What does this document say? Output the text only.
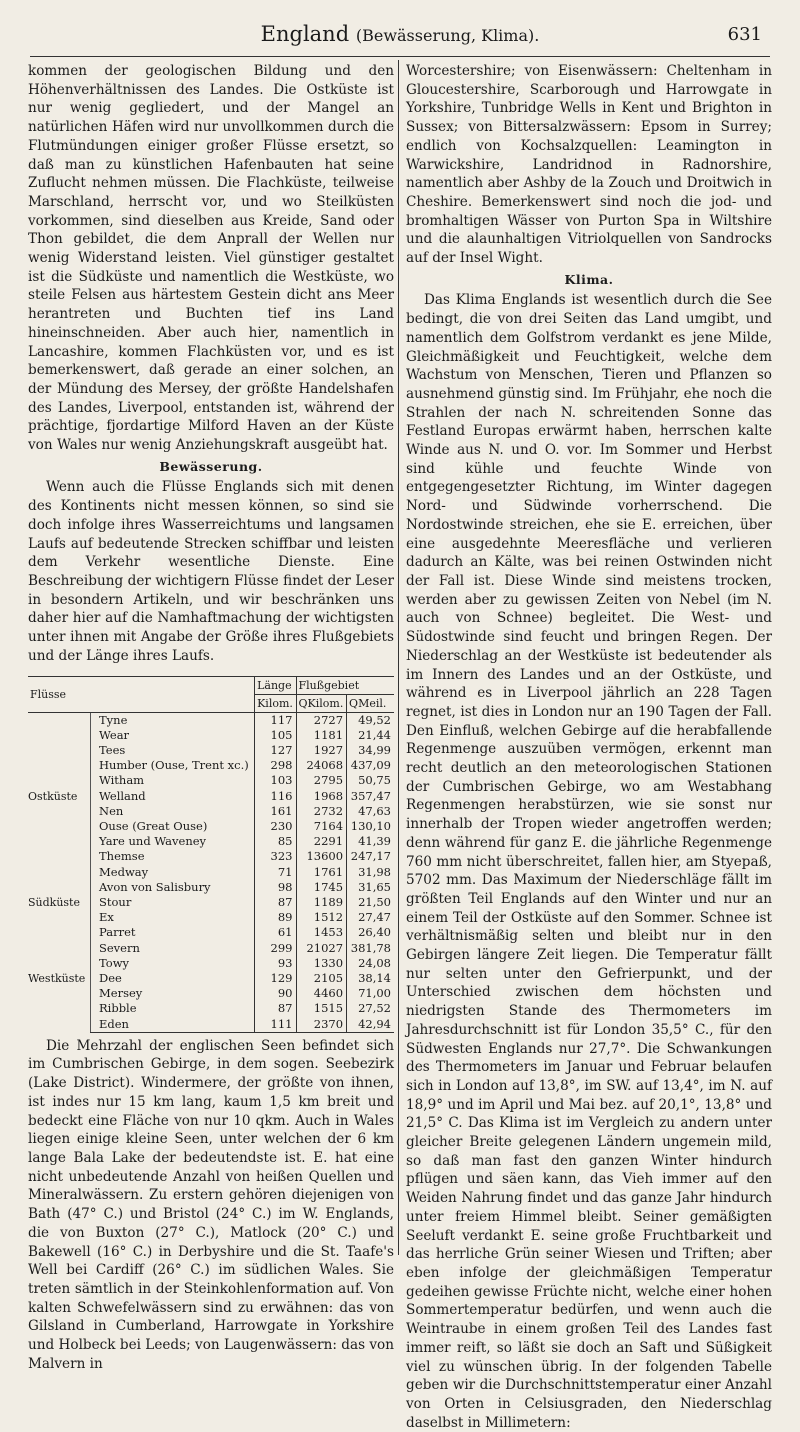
England (Bewässerung, Klima).	631

kommen der geologischen Bildung und den Höhenverhältnissen des Landes. Die Ostküste ist nur wenig gegliedert, und der Mangel an natürlichen Häfen wird nur unvollkommen durch die Flutmündungen einiger großer Flüsse ersetzt, so daß man zu künstlichen Hafenbauten hat seine Zuflucht nehmen müssen. Die Flachküste, teilweise Marschland, herrscht vor, und wo Steilküsten vorkommen, sind dieselben aus Kreide, Sand oder Thon gebildet, die dem Anprall der Wellen nur wenig Widerstand leisten. Viel günstiger gestaltet ist die Südküste und namentlich die Westküste, wo steile Felsen aus härtestem Gestein dicht ans Meer herantreten und Buchten tief ins Land hineinschneiden. Aber auch hier, namentlich in Lancashire, kommen Flachküsten vor, und es ist bemerkenswert, daß gerade an einer solchen, an der Mündung des Mersey, der größte Handelshafen des Landes, Liverpool, entstanden ist, während der prächtige, fjordartige Milford Haven an der Küste von Wales nur wenig Anziehungskraft ausgeübt hat.

Bewässerung.

Wenn auch die Flüsse Englands sich mit denen des Kontinents nicht messen können, so sind sie doch infolge ihres Wasserreichtums und langsamen Laufs auf bedeutende Strecken schiffbar und leisten dem Verkehr wesentliche Dienste. Eine Beschreibung der wichtigern Flüsse findet der Leser in besondern Artikeln, und wir beschränken uns daher hier auf die Namhaftmachung der wichtigsten unter ihnen mit Angabe der Größe ihres Flußgebiets und der Länge ihres Laufs.

Flüsse		Länge	Flußgebiet	
		Kilom.	QKilom.	QMeil.
Ostküste	Tyne	117	2727	49,52
	Wear	105	1181	21,44
	Tees	127	1927	34,99
	Humber (Ouse, Trent xc.)	298	24068	437,09
	Witham	103	2795	50,75
	Welland	116	1968	357,47
	Nen	161	2732	47,63
	Ouse (Great Ouse)	230	7164	130,10
	Yare und Waveney	85	2291	41,39
	Themse	323	13600	247,17
	Medway	71	1761	31,98
Südküste	Avon von Salisbury	98	1745	31,65
	Stour	87	1189	21,50
	Ex	89	1512	27,47
Westküste	Parret	61	1453	26,40
	Severn	299	21027	381,78
	Towy	93	1330	24,08
	Dee	129	2105	38,14
	Mersey	90	4460	71,00
	Ribble	87	1515	27,52
	Eden	111	2370	42,94

Die Mehrzahl der englischen Seen befindet sich im Cumbrischen Gebirge, in dem sogen. Seebezirk (Lake District). Windermere, der größte von ihnen, ist indes nur 15 km lang, kaum 1,5 km breit und bedeckt eine Fläche von nur 10 qkm. Auch in Wales liegen einige kleine Seen, unter welchen der 6 km lange Bala Lake der bedeutendste ist. E. hat eine nicht unbedeutende Anzahl von heißen Quellen und Mineralwässern. Zu erstern gehören diejenigen von Bath (47° C.) und Bristol (24° C.) im W. Englands, die von Buxton (27° C.), Matlock (20° C.) und Bakewell (16° C.) in Derbyshire und die St. Taafe's Well bei Cardiff (26° C.) im südlichen Wales. Sie treten sämtlich in der Steinkohlenformation auf. Von kalten Schwefelwässern sind zu erwähnen: das von Gilsland in Cumberland, Harrowgate in Yorkshire und Holbeck bei Leeds; von Laugenwässern: das von Malvern in

Worcestershire; von Eisenwässern: Cheltenham in Gloucestershire, Scarborough und Harrowgate in Yorkshire, Tunbridge Wells in Kent und Brighton in Sussex; von Bittersalzwässern: Epsom in Surrey; endlich von Kochsalzquellen: Leamington in Warwickshire, Landridnod in Radnorshire, namentlich aber Ashby de la Zouch und Droitwich in Cheshire. Bemerkenswert sind noch die jod- und bromhaltigen Wässer von Purton Spa in Wiltshire und die alaunhaltigen Vitriolquellen von Sandrocks auf der Insel Wight.

Klima.

Das Klima Englands ist wesentlich durch die See bedingt, die von drei Seiten das Land umgibt, und namentlich dem Golfstrom verdankt es jene Milde, Gleichmäßigkeit und Feuchtigkeit, welche dem Wachstum von Menschen, Tieren und Pflanzen so ausnehmend günstig sind. Im Frühjahr, ehe noch die Strahlen der nach N. schreitenden Sonne das Festland Europas erwärmt haben, herrschen kalte Winde aus N. und O. vor. Im Sommer und Herbst sind kühle und feuchte Winde von entgegengesetzter Richtung, im Winter dagegen Nord- und Südwinde vorherrschend. Die Nordostwinde streichen, ehe sie E. erreichen, über eine ausgedehnte Meeresfläche und verlieren dadurch an Kälte, was bei reinen Ostwinden nicht der Fall ist. Diese Winde sind meistens trocken, werden aber zu gewissen Zeiten von Nebel (im N. auch von Schnee) begleitet. Die West- und Südostwinde sind feucht und bringen Regen. Der Niederschlag an der Westküste ist bedeutender als im Innern des Landes und an der Ostküste, und während es in Liverpool jährlich an 228 Tagen regnet, ist dies in London nur an 190 Tagen der Fall. Den Einfluß, welchen Gebirge auf die herabfallende Regenmenge auszuüben vermögen, erkennt man recht deutlich an den meteorologischen Stationen der Cumbrischen Gebirge, wo am Westabhang Regenmengen herabstürzen, wie sie sonst nur innerhalb der Tropen wieder angetroffen werden; denn während für ganz E. die jährliche Regenmenge 760 mm nicht überschreitet, fallen hier, am Styepaß, 5702 mm. Das Maximum der Niederschläge fällt im größten Teil Englands auf den Winter und nur an einem Teil der Ostküste auf den Sommer. Schnee ist verhältnismäßig selten und bleibt nur in den Gebirgen längere Zeit liegen. Die Temperatur fällt nur selten unter den Gefrierpunkt, und der Unterschied zwischen dem höchsten und niedrigsten Stande des Thermometers im Jahresdurchschnitt ist für London 35,5° C., für den Südwesten Englands nur 27,7°. Die Schwankungen des Thermometers im Januar und Februar belaufen sich in London auf 13,8°, im SW. auf 13,4°, im N. auf 18,9° und im April und Mai bez. auf 20,1°, 13,8° und 21,5° C. Das Klima ist im Vergleich zu andern unter gleicher Breite gelegenen Ländern ungemein mild, so daß man fast den ganzen Winter hindurch pflügen und säen kann, das Vieh immer auf den Weiden Nahrung findet und das ganze Jahr hindurch unter freiem Himmel bleibt. Seiner gemäßigten Seeluft verdankt E. seine große Fruchtbarkeit und das herrliche Grün seiner Wiesen und Triften; aber eben infolge der gleichmäßigen Temperatur gedeihen gewisse Früchte nicht, welche einer hohen Sommertemperatur bedürfen, und wenn auch die Weintraube in einem großen Teil des Landes fast immer reift, so läßt sie doch an Saft und Süßigkeit viel zu wünschen übrig. In der folgenden Tabelle geben wir die Durchschnittstemperatur einer Anzahl von Orten in Celsiusgraden, den Niederschlag daselbst in Millimetern:
